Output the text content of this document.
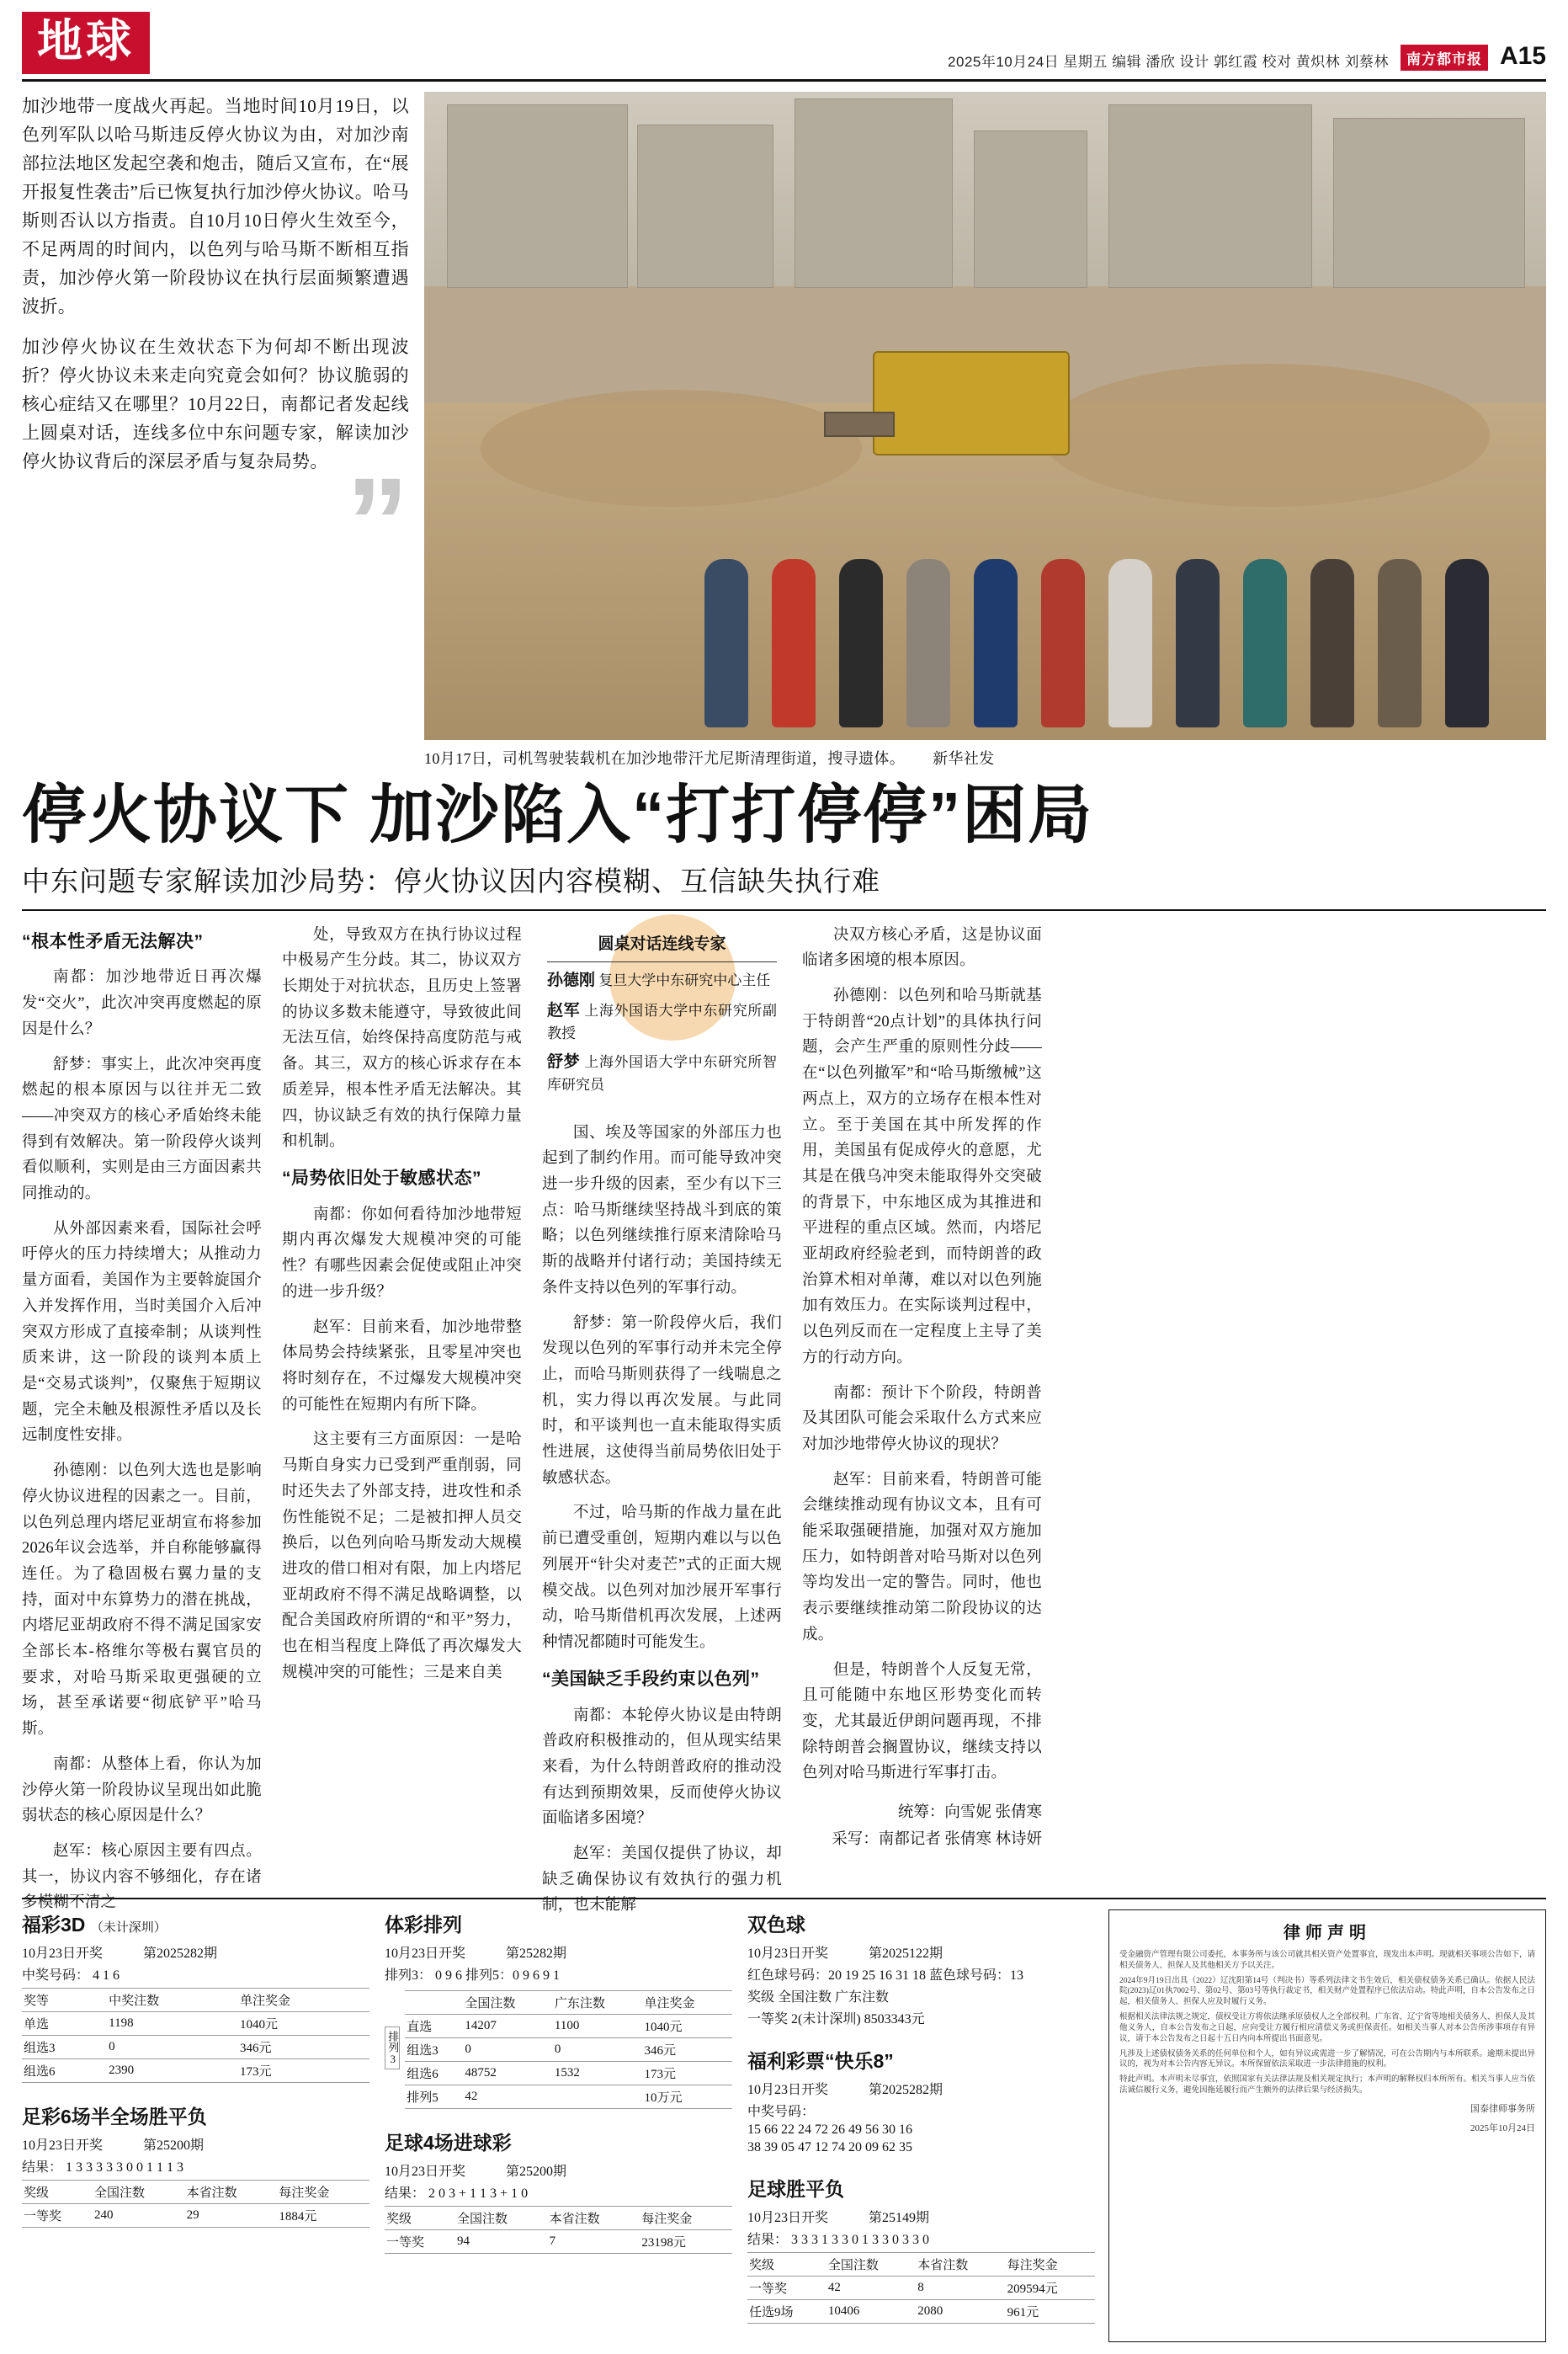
地球	2025年10月24日 星期五 编辑 潘欣 设计 郭红霞 校对 黄炽林 刘蔡林	南方都市报 A15

加沙地带一度战火再起。当地时间10月19日，以色列军队以哈马斯违反停火协议为由，对加沙南部拉法地区发起空袭和炮击，随后又宣布，在“展开报复性袭击”后已恢复执行加沙停火协议。哈马斯则否认以方指责。自10月10日停火生效至今，不足两周的时间内，以色列与哈马斯不断相互指责，加沙停火第一阶段协议在执行层面频繁遭遇波折。

加沙停火协议在生效状态下为何却不断出现波折？停火协议未来走向究竟会如何？协议脆弱的核心症结又在哪里？10月22日，南都记者发起线上圆桌对话，连线多位中东问题专家，解读加沙停火协议背后的深层矛盾与复杂局势。 ”
10月17日，司机驾驶装载机在加沙地带汗尤尼斯清理街道，搜寻遗体。 新华社发
停火协议下 加沙陷入“打打停停”困局
中东问题专家解读加沙局势：停火协议因内容模糊、互信缺失执行难
“根本性矛盾无法解决”

南都：加沙地带近日再次爆发“交火”，此次冲突再度燃起的原因是什么？

舒梦：事实上，此次冲突再度燃起的根本原因与以往并无二致——冲突双方的核心矛盾始终未能得到有效解决。第一阶段停火谈判看似顺利，实则是由三方面因素共同推动的。

从外部因素来看，国际社会呼吁停火的压力持续增大；从推动力量方面看，美国作为主要斡旋国介入并发挥作用，当时美国介入后冲突双方形成了直接牵制；从谈判性质来讲，这一阶段的谈判本质上是“交易式谈判”，仅聚焦于短期议题，完全未触及根源性矛盾以及长远制度性安排。

孙德刚：以色列大选也是影响停火协议进程的因素之一。目前，以色列总理内塔尼亚胡宣布将参加2026年议会选举，并自称能够赢得连任。为了稳固极右翼力量的支持，面对中东算势力的潜在挑战，内塔尼亚胡政府不得不满足国家安全部长本-格维尔等极右翼官员的要求，对哈马斯采取更强硬的立场，甚至承诺要“彻底铲平”哈马斯。

南都：从整体上看，你认为加沙停火第一阶段协议呈现出如此脆弱状态的核心原因是什么？

赵军：核心原因主要有四点。其一，协议内容不够细化，存在诸多模糊不清之

处，导致双方在执行协议过程中极易产生分歧。其二，协议双方长期处于对抗状态，且历史上签署的协议多数未能遵守，导致彼此间无法互信，始终保持高度防范与戒备。其三，双方的核心诉求存在本质差异，根本性矛盾无法解决。其四，协议缺乏有效的执行保障力量和机制。

“局势依旧处于敏感状态”

南都：你如何看待加沙地带短期内再次爆发大规模冲突的可能性？有哪些因素会促使或阻止冲突的进一步升级？

赵军：目前来看，加沙地带整体局势会持续紧张，且零星冲突也将时刻存在，不过爆发大规模冲突的可能性在短期内有所下降。

这主要有三方面原因：一是哈马斯自身实力已受到严重削弱，同时还失去了外部支持，进攻性和杀伤性能锐不足；二是被扣押人员交换后，以色列向哈马斯发动大规模进攻的借口相对有限，加上内塔尼亚胡政府不得不满足战略调整，以配合美国政府所谓的“和平”努力，也在相当程度上降低了再次爆发大规模冲突的可能性；三是来自美

圆桌对话连线专家
孙德刚 复旦大学中东研究中心主任
赵军 上海外国语大学中东研究所副教授
舒梦 上海外国语大学中东研究所智库研究员

国、埃及等国家的外部压力也起到了制约作用。而可能导致冲突进一步升级的因素，至少有以下三点：哈马斯继续坚持战斗到底的策略；以色列继续推行原来清除哈马斯的战略并付诸行动；美国持续无条件支持以色列的军事行动。

舒梦：第一阶段停火后，我们发现以色列的军事行动并未完全停止，而哈马斯则获得了一线喘息之机，实力得以再次发展。与此同时，和平谈判也一直未能取得实质性进展，这使得当前局势依旧处于敏感状态。

不过，哈马斯的作战力量在此前已遭受重创，短期内难以与以色列展开“针尖对麦芒”式的正面大规模交战。以色列对加沙展开军事行动，哈马斯借机再次发展，上述两种情况都随时可能发生。

“美国缺乏手段约束以色列”

南都：本轮停火协议是由特朗普政府积极推动的，但从现实结果来看，为什么特朗普政府的推动没有达到预期效果，反而使停火协议面临诸多困境？

赵军：美国仅提供了协议，却缺乏确保协议有效执行的强力机制，也未能解

决双方核心矛盾，这是协议面临诸多困境的根本原因。

孙德刚：以色列和哈马斯就基于特朗普“20点计划”的具体执行问题，会产生严重的原则性分歧——在“以色列撤军”和“哈马斯缴械”这两点上，双方的立场存在根本性对立。至于美国在其中所发挥的作用，美国虽有促成停火的意愿，尤其是在俄乌冲突未能取得外交突破的背景下，中东地区成为其推进和平进程的重点区域。然而，内塔尼亚胡政府经验老到，而特朗普的政治算术相对单薄，难以对以色列施加有效压力。在实际谈判过程中，以色列反而在一定程度上主导了美方的行动方向。

南都：预计下个阶段，特朗普及其团队可能会采取什么方式来应对加沙地带停火协议的现状？

赵军：目前来看，特朗普可能会继续推动现有协议文本，且有可能采取强硬措施，加强对双方施加压力，如特朗普对哈马斯对以色列等均发出一定的警告。同时，他也表示要继续推动第二阶段协议的达成。

但是，特朗普个人反复无常，且可能随中东地区形势变化而转变，尤其最近伊朗问题再现，不排除特朗普会搁置协议，继续支持以色列对哈马斯进行军事打击。

统筹：向雪妮 张倩寒
采写：南都记者 张倩寒 林诗妍
福彩3D （未计深圳）
10月23日开奖	第2025282期
中奖号码： 4 1 6
奖等	中奖注数	单注奖金
单选	1198	1040元
组选3	0	346元
组选6	2390	173元
足彩6场半全场胜平负
10月23日开奖	第25200期
结果： 1 3 3 3 3 3 0 0 1 1 1 3
奖级	全国注数	本省注数	每注奖金
一等奖	240	29	1884元
体彩排列
10月23日开奖	第25282期
排列3： 0 9 6 排列5：0 9 6 9 1
排列3
	全国注数	广东注数	单注奖金
直选	14207	1100	1040元
组选3	0	0	346元
组选6	48752	1532	173元
排列5	42		10万元
足球4场进球彩
10月23日开奖	第25200期
结果： 2 0 3 + 1 1 3 + 1 0
奖级	全国注数	本省注数	每注奖金
一等奖	94	7	23198元
双色球
10月23日开奖	第2025122期
红色球号码：20 19 25 16 31 18 蓝色球号码：13
奖级 全国注数 广东注数
一等奖 2(未计深圳) 8503343元
福利彩票“快乐8”
10月23日开奖	第2025282期
中奖号码：
15 66 22 24 72 26 49 56 30 16
38 39 05 47 12 74 20 09 62 35
足球胜平负
10月23日开奖	第25149期
结果： 3 3 3 1 3 3 0 1 3 3 0 3 3 0
奖级	全国注数	本省注数	每注奖金
一等奖	42	8	209594元
任选9场	10406	2080	961元
律师声明

受金融资产管理有限公司委托，本事务所与该公司就其相关资产处置事宜，现发出本声明。现就相关事项公告如下，请相关债务人、担保人及其他相关方予以关注。

2024年9月19日出具（2022）辽沈阳第14号（判决书）等系列法律文书生效后，相关债权债务关系已确认。依据人民法院(2023)辽01执7002号、第02号、第03号等执行裁定书，相关财产处置程序已依法启动。特此声明，自本公告发布之日起，相关债务人、担保人应及时履行义务。

根据相关法律法规之规定，债权受让方将依法继承原债权人之全部权利。广东省、辽宁省等地相关债务人、担保人及其他义务人，自本公告发布之日起，应向受让方履行相应清偿义务或担保责任。如相关当事人对本公告所涉事项存有异议，请于本公告发布之日起十五日内向本所提出书面意见。

凡涉及上述债权债务关系的任何单位和个人，如有异议或需进一步了解情况，可在公告期内与本所联系。逾期未提出异议的，视为对本公告内容无异议。本所保留依法采取进一步法律措施的权利。

特此声明。本声明未尽事宜，依照国家有关法律法规及相关规定执行；本声明的解释权归本所所有。相关当事人应当依法诚信履行义务，避免因拖延履行而产生额外的法律后果与经济损失。

国泰律师事务所
2025年10月24日
